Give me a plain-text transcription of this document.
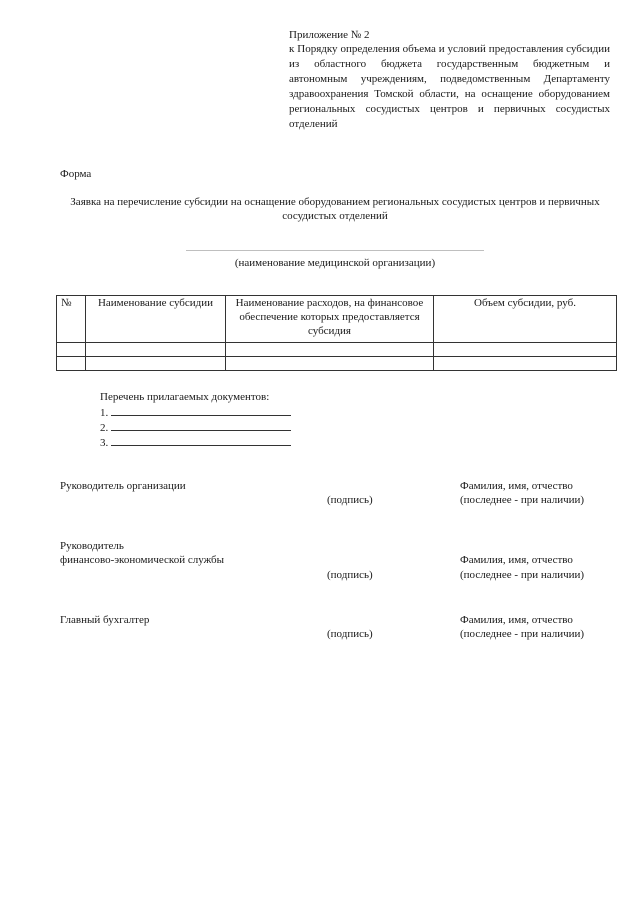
Приложение № 2
к Порядку определения объема и условий предоставления субсидии из областного бюджета государственным бюджетным и автономным учреждениям, подведомственным Департаменту здравоохранения Томской области, на оснащение оборудованием региональных сосудистых центров и первичных сосудистых отделений
Форма
Заявка на перечисление субсидии на оснащение оборудованием региональных сосудистых центров и первичных сосудистых отделений
(наименование медицинской организации)
№	Наименование субсидии	Наименование расходов, на финансовое обеспечение которых предоставляется субсидия	Объем субсидии, руб.

Перечень прилагаемых документов:
1.
2.
3.
Руководитель организации
(подпись)
Фамилия, имя, отчество
(последнее - при наличии)
Руководитель
финансово-экономической службы
(подпись)
Фамилия, имя, отчество
(последнее - при наличии)
Главный бухгалтер
(подпись)
Фамилия, имя, отчество
(последнее - при наличии)
